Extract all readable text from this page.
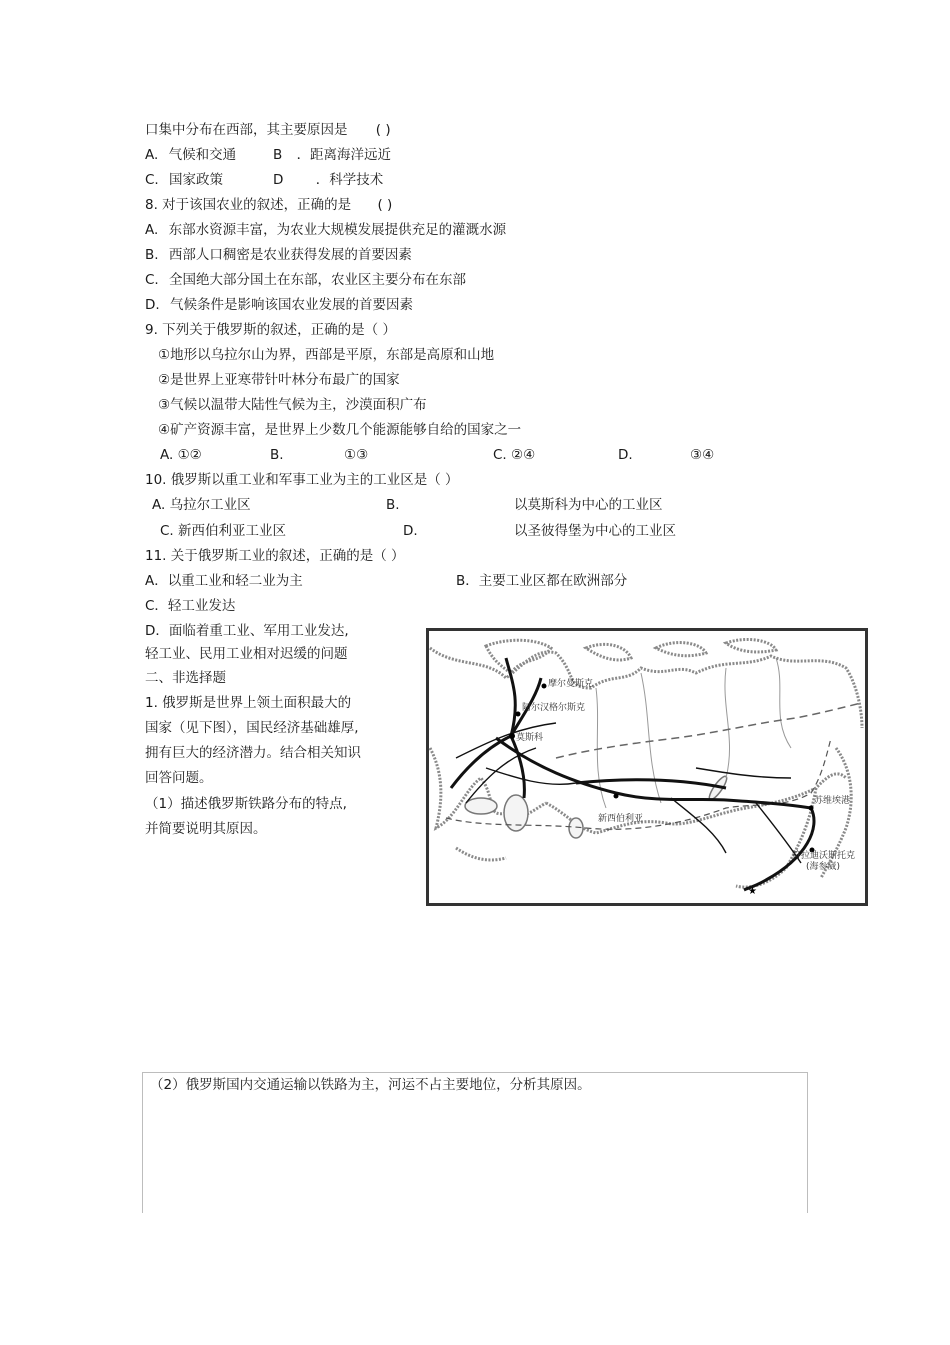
口集中分布在西部，其主要原因是 ( )
A. 气候和交通	B ．距离海洋远近
C. 国家政策	D ．科学技术
8. 对于该国农业的叙述，正确的是 ( )
A. 东部水资源丰富，为农业大规模发展提供充足的灌溉水源
B. 西部人口稠密是农业获得发展的首要因素
C. 全国绝大部分国土在东部，农业区主要分布在东部
D. 气候条件是影响该国农业发展的首要因素
9. 下列关于俄罗斯的叙述，正确的是（ ）
①地形以乌拉尔山为界，西部是平原，东部是高原和山地
②是世界上亚寒带针叶林分布最广的国家
③气候以温带大陆性气候为主，沙漠面积广布
④矿产资源丰富，是世界上少数几个能源能够自给的国家之一
A. ①②	B.	①③	C. ②④	D.	③④
10. 俄罗斯以重工业和军事工业为主的工业区是（ ）
A. 乌拉尔工业区	B.	以莫斯科为中心的工业区
C. 新西伯利亚工业区	D.	以圣彼得堡为中心的工业区
11. 关于俄罗斯工业的叙述，正确的是（ ）
A．以重工业和轻二业为主	B．主要工业区都在欧洲部分
C．轻工业发达
D．面临着重工业、军用工业发达,
轻工业、民用工业相对迟缓的问题
二、非选择题
1. 俄罗斯是世界上领土面积最大的
国家（见下图），国民经济基础雄厚,
拥有巨大的经济潜力。结合相关知识
回答问题。
（1）描述俄罗斯铁路分布的特点,
并简要说明其原因。
★
摩尔曼斯克
阿尔汉格尔斯克
莫斯科
新西伯利亚
苏维埃港
符拉迪沃斯托克
(海参崴)
（2）俄罗斯国内交通运输以铁路为主，河运不占主要地位，分析其原因。
